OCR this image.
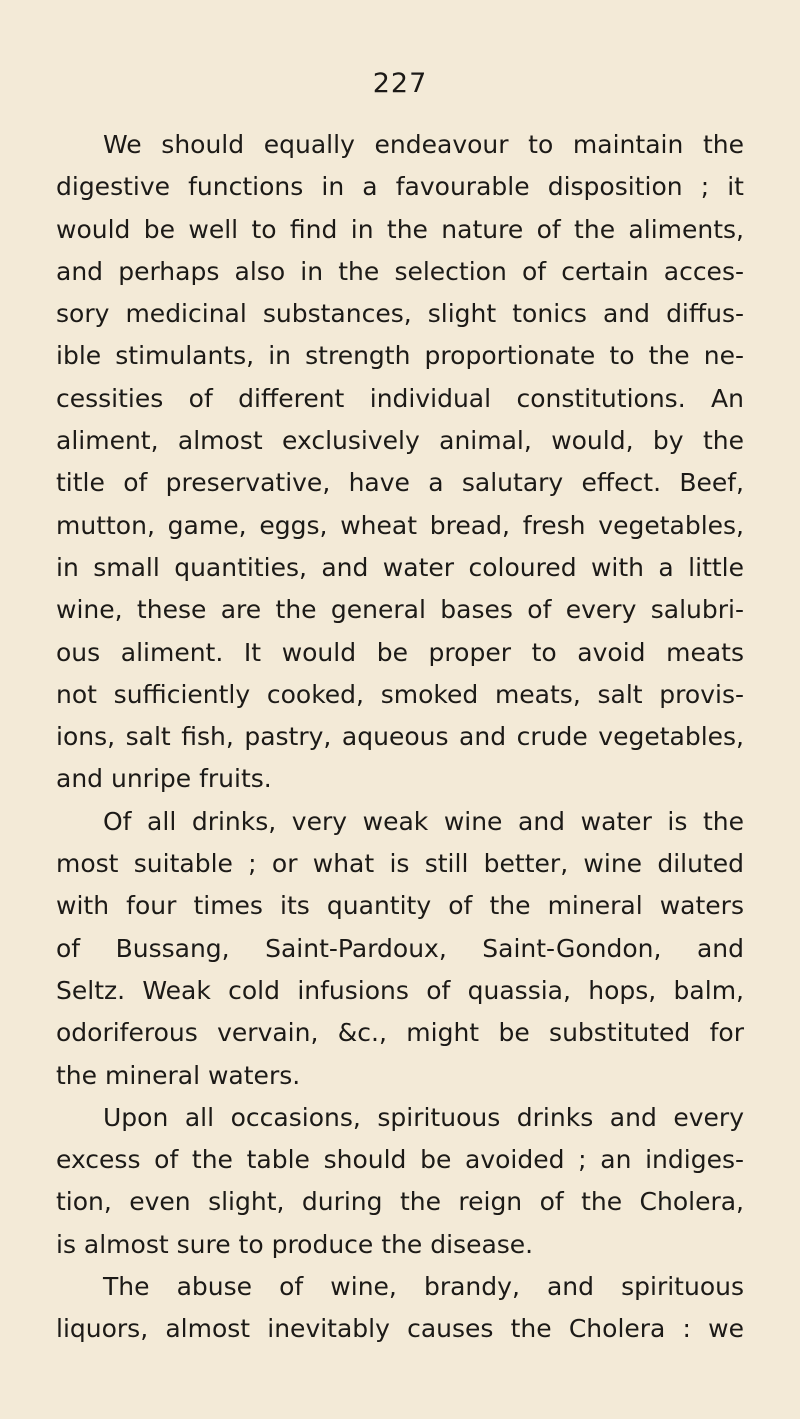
227
We should equally endeavour to maintain the
digestive functions in a favourable disposition ; it
would be well to find in the nature of the aliments,
and perhaps also in the selection of certain acces-
sory medicinal substances, slight tonics and diffus-
ible stimulants, in strength proportionate to the ne-
cessities of different individual constitutions. An
aliment, almost exclusively animal, would, by the
title of preservative, have a salutary effect. Beef,
mutton, game, eggs, wheat bread, fresh vegetables,
in small quantities, and water coloured with a little
wine, these are the general bases of every salubri-
ous aliment. It would be proper to avoid meats
not sufficiently cooked, smoked meats, salt provis-
ions, salt fish, pastry, aqueous and crude vegetables,
and unripe fruits.
Of all drinks, very weak wine and water is the
most suitable ; or what is still better, wine diluted
with four times its quantity of the mineral waters
of Bussang, Saint-Pardoux, Saint-Gondon, and
Seltz. Weak cold infusions of quassia, hops, balm,
odoriferous vervain, &c., might be substituted for
the mineral waters.
Upon all occasions, spirituous drinks and every
excess of the table should be avoided ; an indiges-
tion, even slight, during the reign of the Cholera,
is almost sure to produce the disease.
The abuse of wine, brandy, and spirituous
liquors, almost inevitably causes the Cholera : we
